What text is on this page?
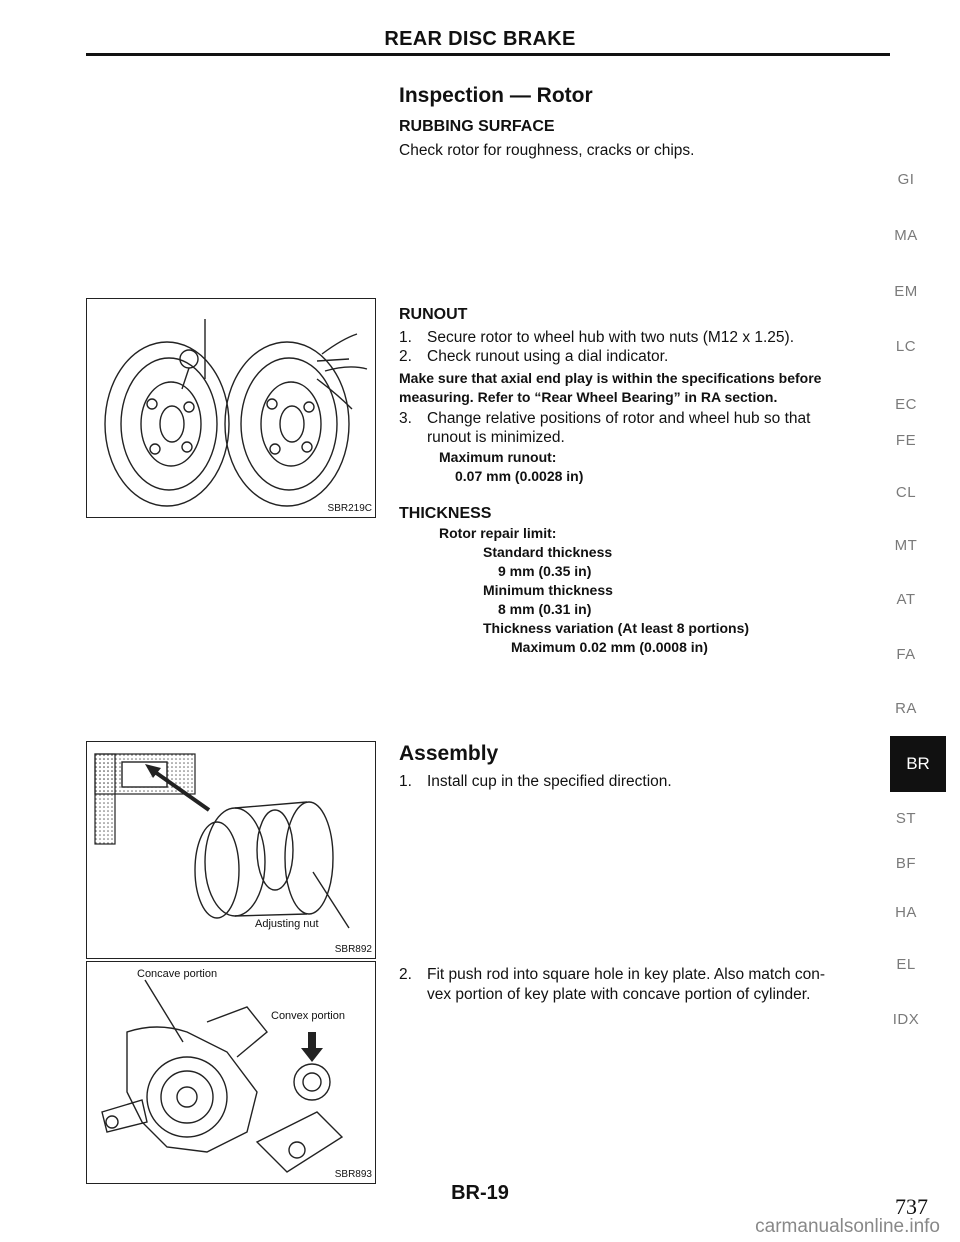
REAR DISC BRAKE
Inspection — Rotor
RUBBING SURFACE
Check rotor for roughness, cracks or chips.
RUNOUT
1. Secure rotor to wheel hub with two nuts (M12 x 1.25).
2. Check runout using a dial indicator.
Make sure that axial end play is within the specifications before
measuring. Refer to “Rear Wheel Bearing” in RA section.
3. Change relative positions of rotor and wheel hub so that
runout is minimized.
Maximum runout:
0.07 mm (0.0028 in)
THICKNESS
Rotor repair limit:
Standard thickness
9 mm (0.35 in)
Minimum thickness
8 mm (0.31 in)
Thickness variation (At least 8 portions)
Maximum 0.02 mm (0.0008 in)
Assembly
1. Install cup in the specified direction.
2. Fit push rod into square hole in key plate. Also match con-
vex portion of key plate with concave portion of cylinder.
SBR219C
Adjusting nut
SBR892
Concave portion
Convex portion
SBR893
GI
MA
EM
LC
EC
FE
CL
MT
AT
FA
RA
BR
ST
BF
HA
EL
IDX
BR-19
737
carmanualsonline.info
